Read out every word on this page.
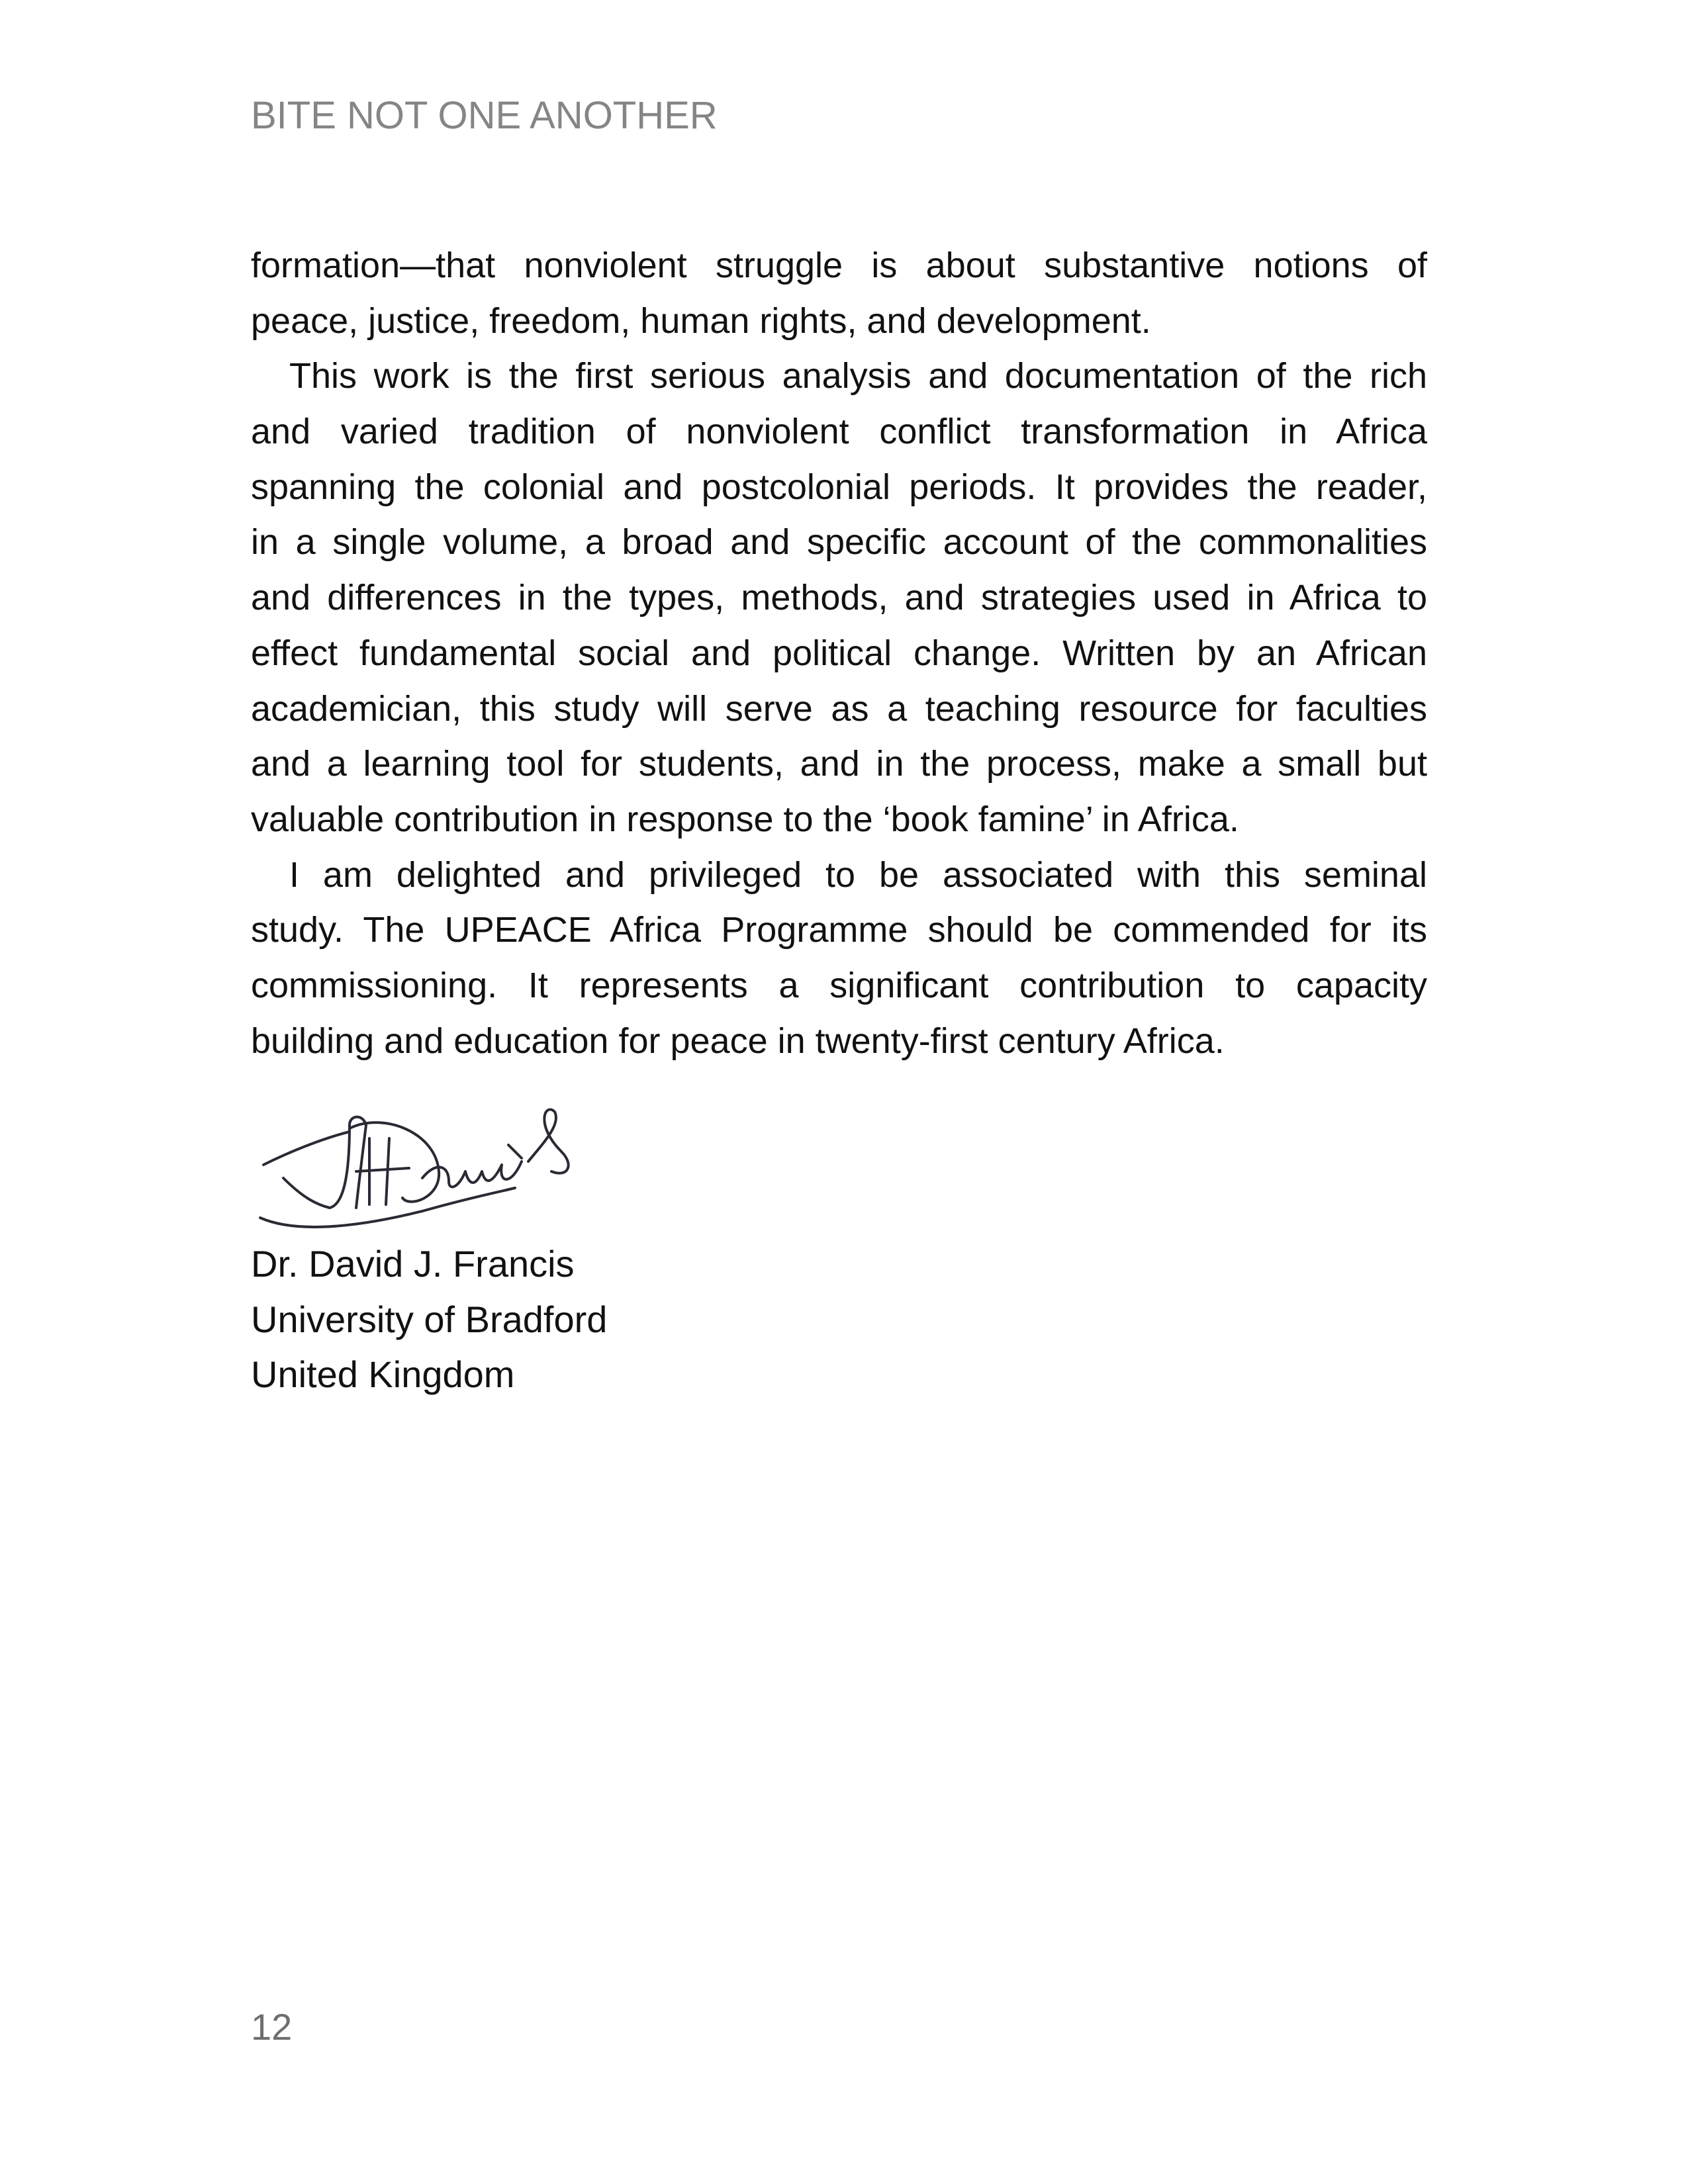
BITE NOT ONE ANOTHER
formation—that nonviolent struggle is about substantive notions of
peace, justice, freedom, human rights, and development.
This work is the first serious analysis and documentation of the rich
and varied tradition of nonviolent conflict transformation in Africa
spanning the colonial and postcolonial periods. It provides the reader,
in a single volume, a broad and specific account of the commonalities
and differences in the types, methods, and strategies used in Africa to
effect fundamental social and political change. Written by an African
academician, this study will serve as a teaching resource for faculties
and a learning tool for students, and in the process, make a small but
valuable contribution in response to the ‘book famine’ in Africa.
I am delighted and privileged to be associated with this seminal
study. The UPEACE Africa Programme should be commended for its
commissioning. It represents a significant contribution to capacity
building and education for peace in twenty-first century Africa.
Dr. David J. Francis
University of Bradford
United Kingdom
12
